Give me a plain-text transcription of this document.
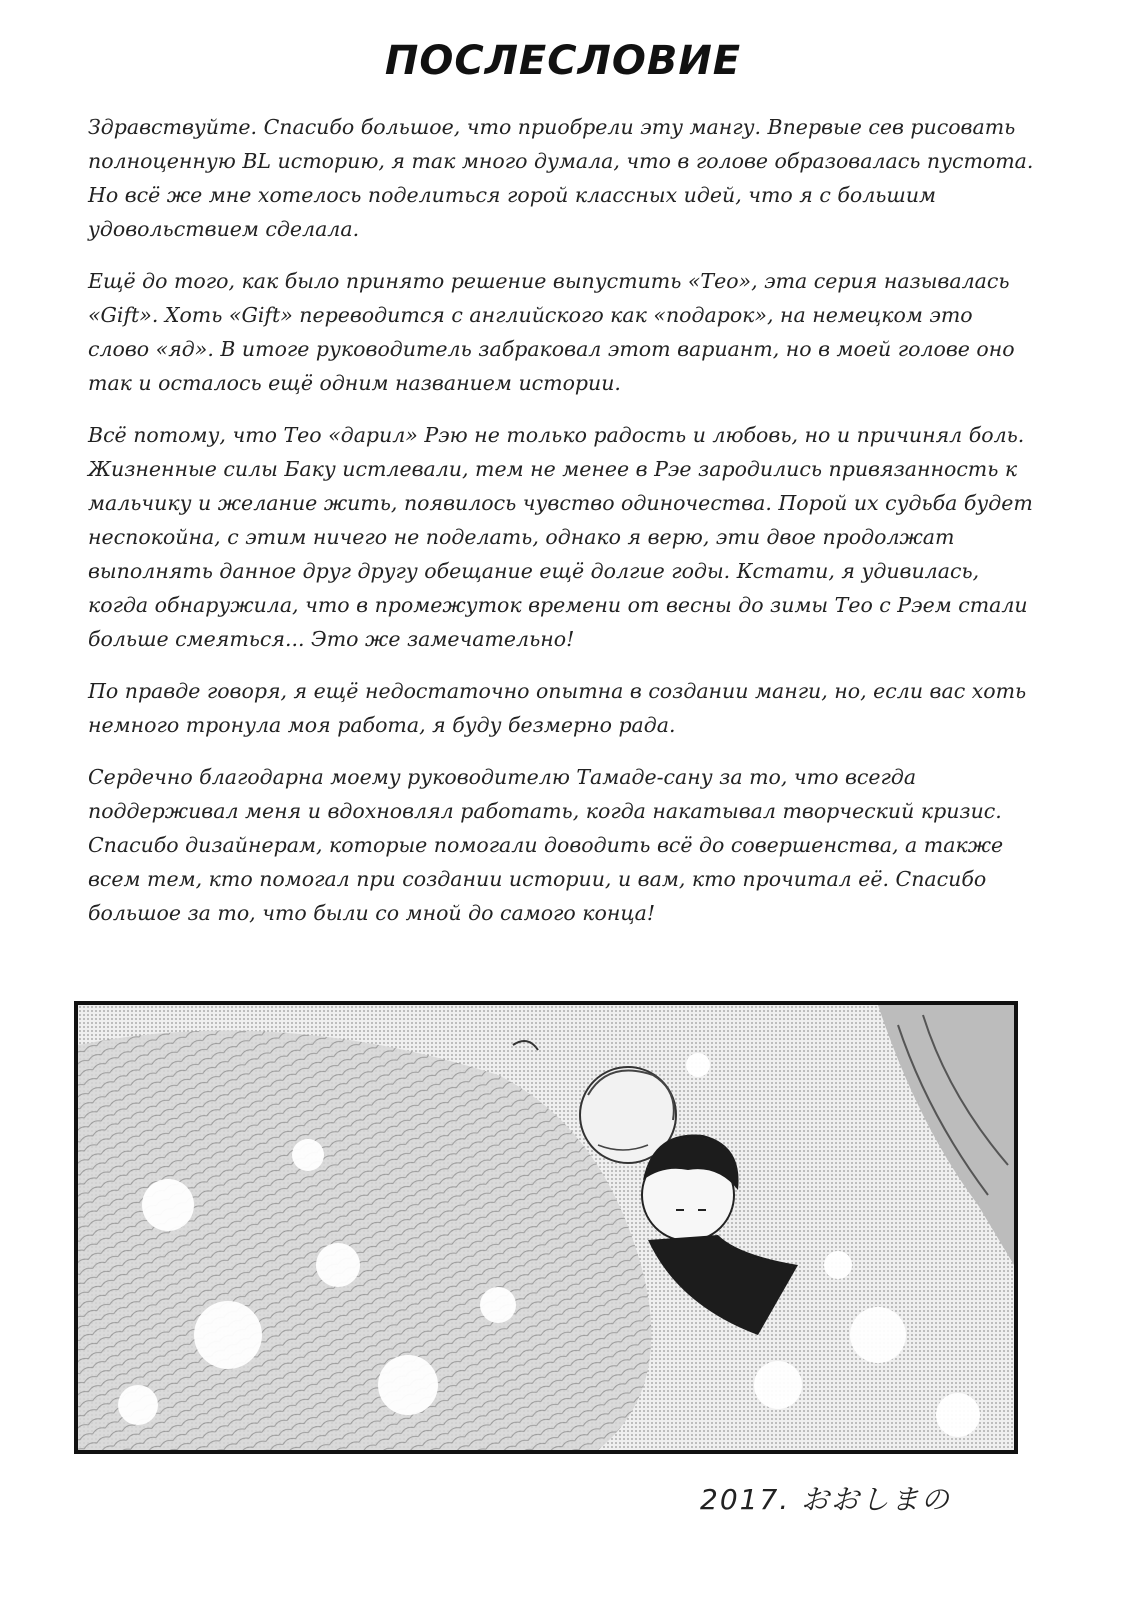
ПОСЛЕСЛОВИЕ

Здравствуйте. Спасибо большое, что приобрели эту мангу. Впервые сев рисовать полноценную BL историю, я так много думала, что в голове образовалась пустота. Но всё же мне хотелось поделиться горой классных идей, что я с большим удовольствием сделала.

Ещё до того, как было принято решение выпустить «Тео», эта серия называлась «Gift». Хоть «Gift» переводится с английского как «подарок», на немецком это слово «яд». В итоге руководитель забраковал этот вариант, но в моей голове оно так и осталось ещё одним названием истории.

Всё потому, что Тео «дарил» Рэю не только радость и любовь, но и причинял боль. Жизненные силы Баку истлевали, тем не менее в Рэе зародились привязанность к мальчику и желание жить, появилось чувство одиночества. Порой их судьба будет неспокойна, с этим ничего не поделать, однако я верю, эти двое продолжат выполнять данное друг другу обещание ещё долгие годы. Кстати, я удивилась, когда обнаружила, что в промежуток времени от весны до зимы Тео с Рэем стали больше смеяться... Это же замечательно!

По правде говоря, я ещё недостаточно опытна в создании манги, но, если вас хоть немного тронула моя работа, я буду безмерно рада.

Сердечно благодарна моему руководителю Тамаде-сану за то, что всегда поддерживал меня и вдохновлял работать, когда накатывал творческий кризис. Спасибо дизайнерам, которые помогали доводить всё до совершенства, а также всем тем, кто помогал при создании истории, и вам, кто прочитал её. Спасибо большое за то, что были со мной до самого конца!

2017. おおしまの
